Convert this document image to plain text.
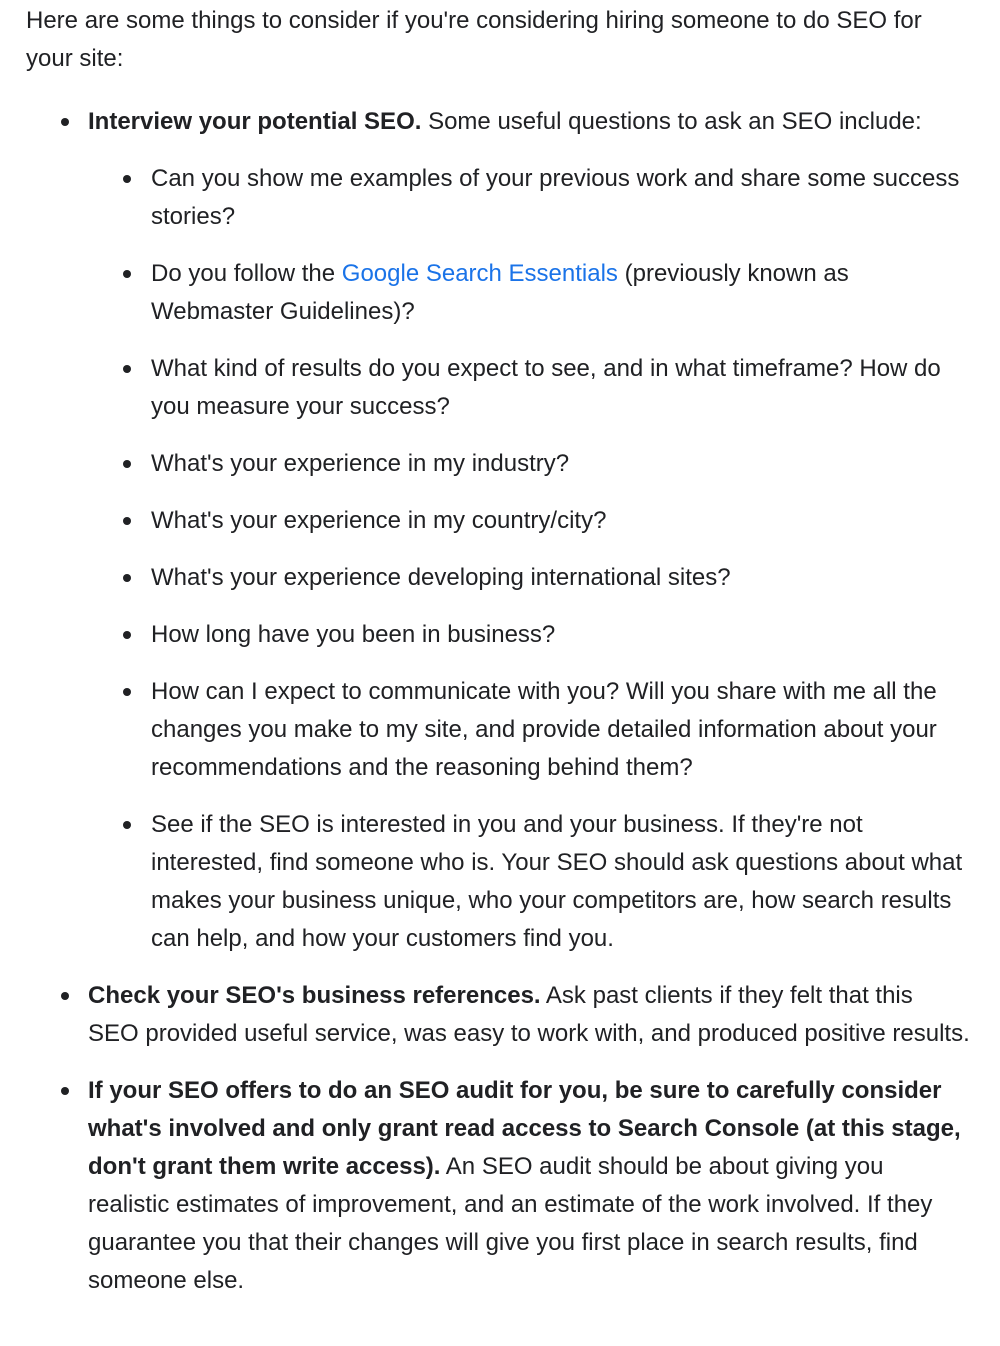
Here are some things to consider if you're considering hiring someone to do SEO for your site:

Interview your potential SEO. Some useful questions to ask an SEO include:
Can you show me examples of your previous work and share some success stories?
Do you follow the Google Search Essentials (previously known as Webmaster Guidelines)?
What kind of results do you expect to see, and in what timeframe? How do you measure your success?
What's your experience in my industry?
What's your experience in my country/city?
What's your experience developing international sites?
How long have you been in business?
How can I expect to communicate with you? Will you share with me all the changes you make to my site, and provide detailed information about your recommendations and the reasoning behind them?
See if the SEO is interested in you and your business. If they're not interested, find someone who is. Your SEO should ask questions about what makes your business unique, who your competitors are, how search results can help, and how your customers find you.
Check your SEO's business references. Ask past clients if they felt that this SEO provided useful service, was easy to work with, and produced positive results.
If your SEO offers to do an SEO audit for you, be sure to carefully consider what's involved and only grant read access to Search Console (at this stage, don't grant them write access). An SEO audit should be about giving you realistic estimates of improvement, and an estimate of the work involved. If they guarantee you that their changes will give you first place in search results, find someone else.
